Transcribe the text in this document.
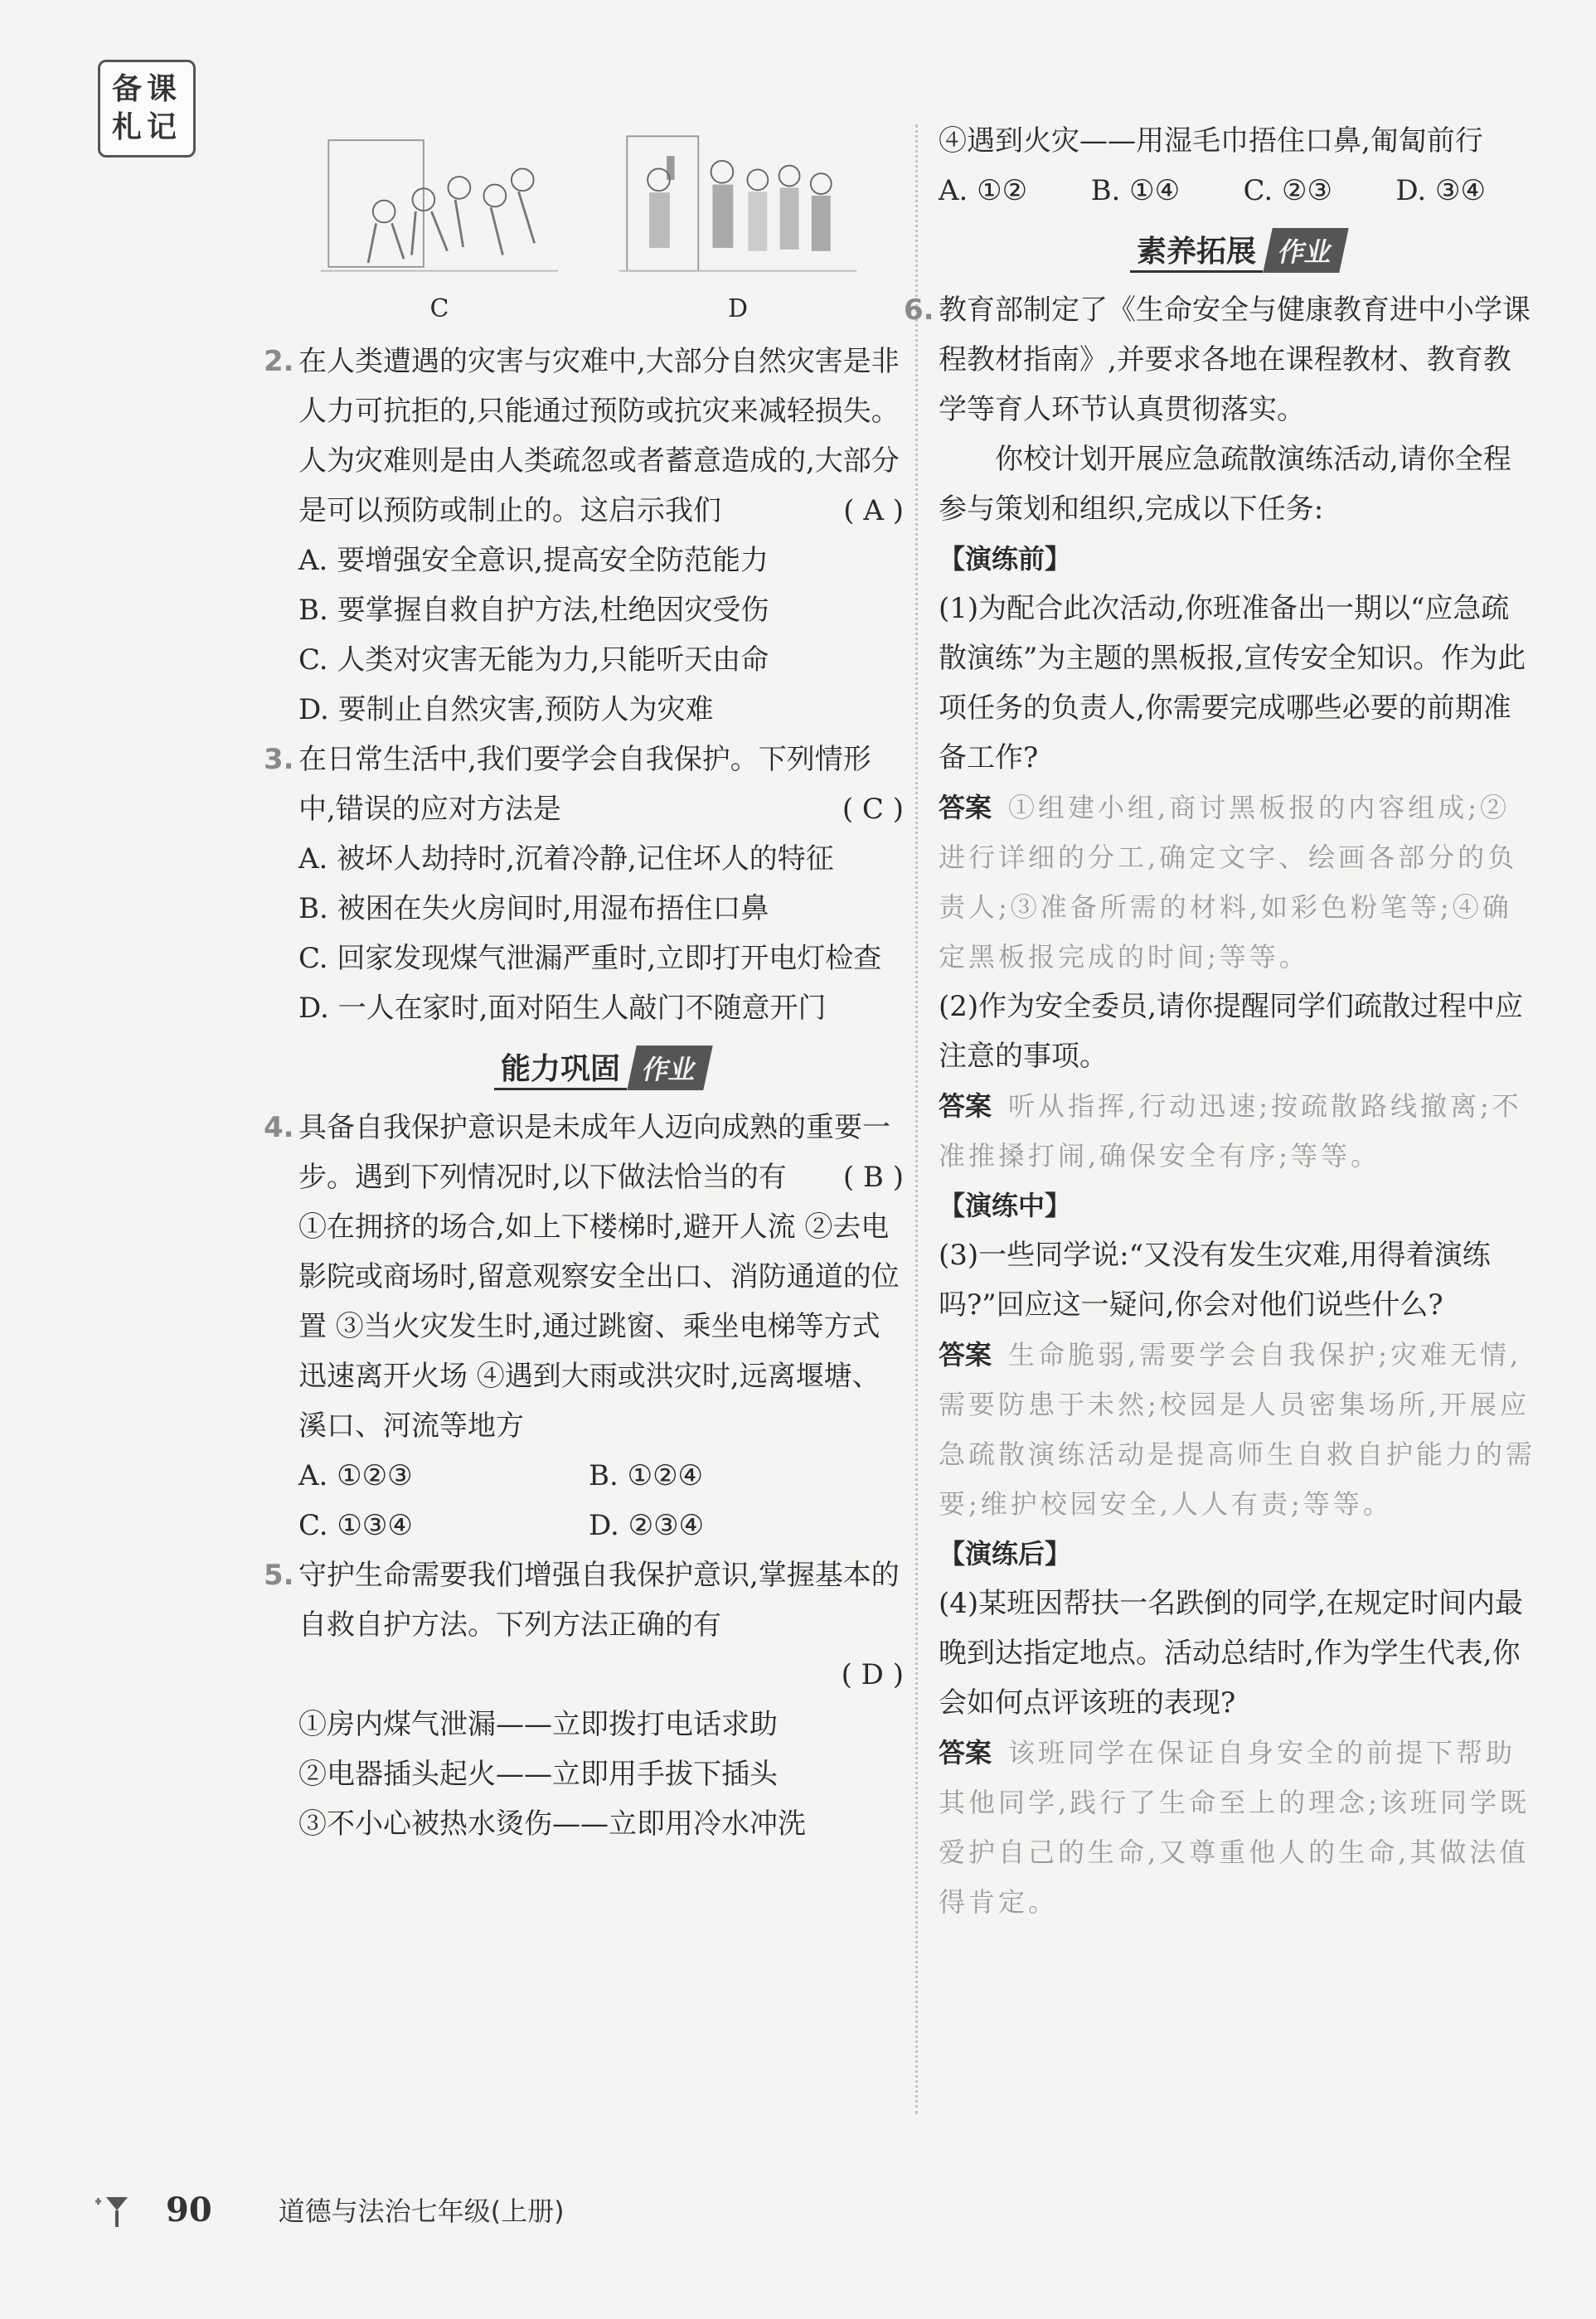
备课札记
C	D
2. 在人类遭遇的灾害与灾难中,大部分自然灾害是非人力可抗拒的,只能通过预防或抗灾来减轻损失。人为灾难则是由人类疏忽或者蓄意造成的,大部分是可以预防或制止的。这启示我们	( A )
A. 要增强安全意识,提高安全防范能力
B. 要掌握自救自护方法,杜绝因灾受伤
C. 人类对灾害无能为力,只能听天由命
D. 要制止自然灾害,预防人为灾难
3. 在日常生活中,我们要学会自我保护。下列情形中,错误的应对方法是	( C )
A. 被坏人劫持时,沉着冷静,记住坏人的特征
B. 被困在失火房间时,用湿布捂住口鼻
C. 回家发现煤气泄漏严重时,立即打开电灯检查
D. 一人在家时,面对陌生人敲门不随意开门
能力巩固 作业
4. 具备自我保护意识是未成年人迈向成熟的重要一步。遇到下列情况时,以下做法恰当的有	( B )
①在拥挤的场合,如上下楼梯时,避开人流 ②去电影院或商场时,留意观察安全出口、消防通道的位置 ③当火灾发生时,通过跳窗、乘坐电梯等方式迅速离开火场 ④遇到大雨或洪灾时,远离堰塘、溪口、河流等地方
A. ①②③	B. ①②④
C. ①③④	D. ②③④
5. 守护生命需要我们增强自我保护意识,掌握基本的自救自护方法。下列方法正确的有
( D )
①房内煤气泄漏——立即拨打电话求助
②电器插头起火——立即用手拔下插头
③不小心被热水烫伤——立即用冷水冲洗
④遇到火灾——用湿毛巾捂住口鼻,匍匐前行
A. ①② B. ①④ C. ②③ D. ③④
素养拓展 作业
6. 教育部制定了《生命安全与健康教育进中小学课程教材指南》,并要求各地在课程教材、教育教学等育人环节认真贯彻落实。
你校计划开展应急疏散演练活动,请你全程参与策划和组织,完成以下任务:
【演练前】
(1)为配合此次活动,你班准备出一期以“应急疏散演练”为主题的黑板报,宣传安全知识。作为此项任务的负责人,你需要完成哪些必要的前期准备工作?
答案 ①组建小组,商讨黑板报的内容组成;②进行详细的分工,确定文字、绘画各部分的负责人;③准备所需的材料,如彩色粉笔等;④确定黑板报完成的时间;等等。
(2)作为安全委员,请你提醒同学们疏散过程中应注意的事项。
答案 听从指挥,行动迅速;按疏散路线撤离;不准推搡打闹,确保安全有序;等等。
【演练中】
(3)一些同学说:“又没有发生灾难,用得着演练吗?”回应这一疑问,你会对他们说些什么?
答案 生命脆弱,需要学会自我保护;灾难无情,需要防患于未然;校园是人员密集场所,开展应急疏散演练活动是提高师生自救自护能力的需要;维护校园安全,人人有责;等等。
【演练后】
(4)某班因帮扶一名跌倒的同学,在规定时间内最晚到达指定地点。活动总结时,作为学生代表,你会如何点评该班的表现?
答案 该班同学在保证自身安全的前提下帮助其他同学,践行了生命至上的理念;该班同学既爱护自己的生命,又尊重他人的生命,其做法值得肯定。
90	道德与法治七年级(上册)
